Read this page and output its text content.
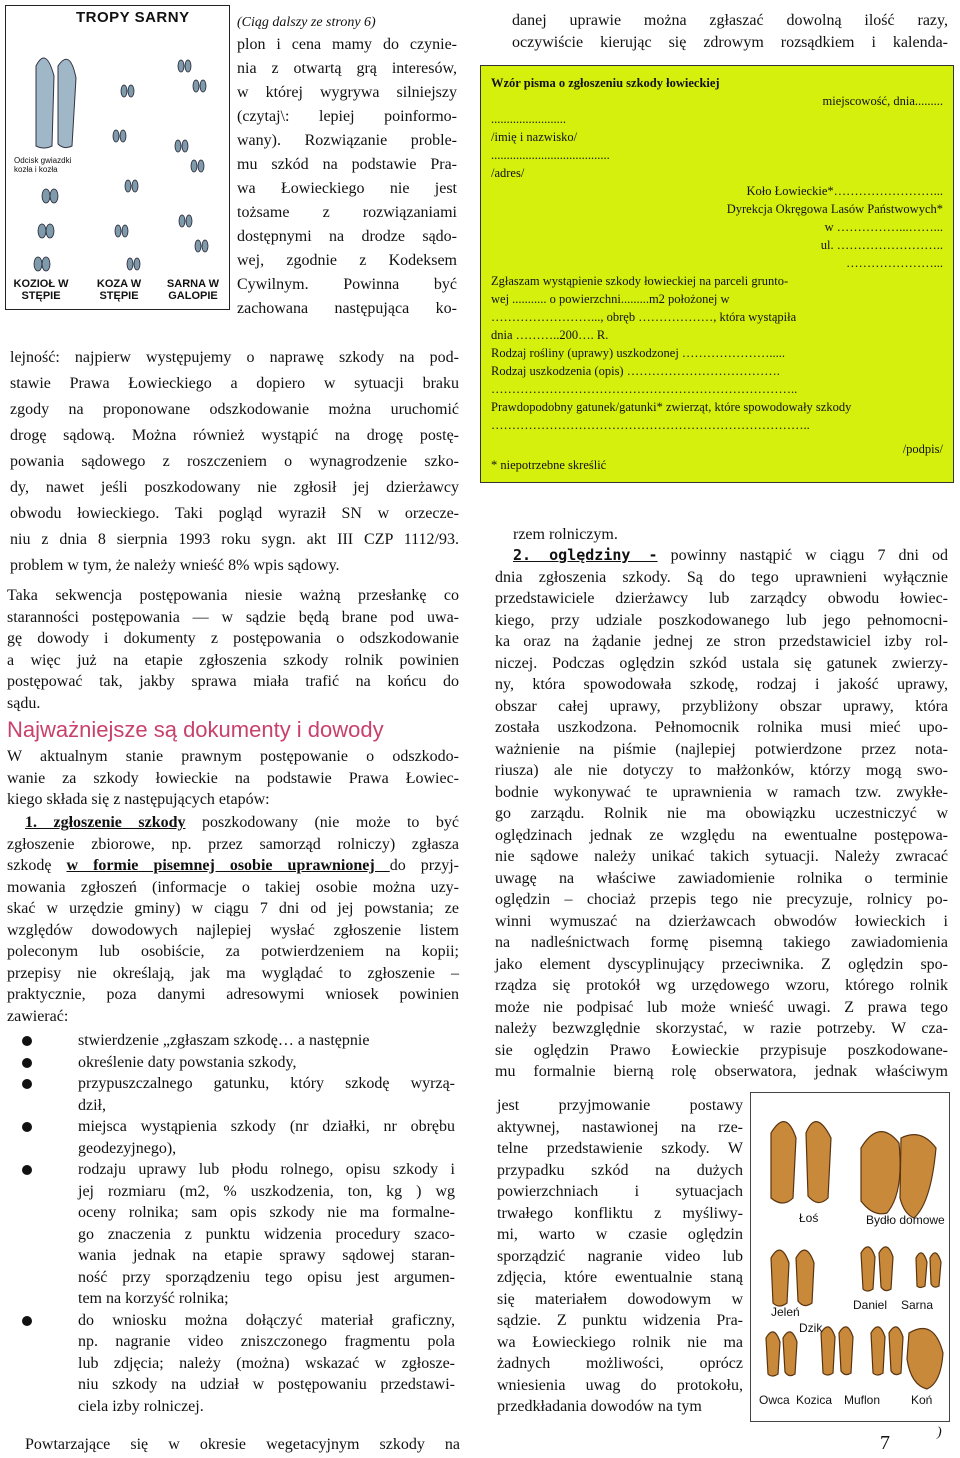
TROPY SARNY
Odcisk gwiazdki
kozła i kozła
KOZIOŁ W STĘPIE
KOZA W STĘPIE
SARNA W GALOPIE
(Ciąg dalszy ze strony 6)
plon i cena mamy do czynie-
nia z otwartą grą interesów,
w której wygrywa silniejszy
(czytaj\: lepiej poinformo-
wany). Rozwiązanie proble-
mu szkód na podstawie Pra-
wa Łowieckiego nie jest
tożsame z rozwiązaniami
dostępnymi na drodze sądo-
wej, zgodnie z Kodeksem
Cywilnym. Powinna być
zachowana następująca ko-
lejność: najpierw występujemy o naprawę szkody na pod-
stawie Prawa Łowieckiego a dopiero w sytuacji braku
zgody na proponowane odszkodowanie można uruchomić
drogę sądową. Można również wystąpić na drogę postę-
powania sądowego z roszczeniem o wynagrodzenie szko-
dy, nawet jeśli poszkodowany nie zgłosił jej dzierżawcy
obwodu łowieckiego. Taki pogląd wyraził SN w orzecze-
niu z dnia 8 sierpnia 1993 roku sygn. akt III CZP 1112/93.
problem w tym, że należy wnieść 8% wpis sądowy.
Taka sekwencja postępowania niesie ważną przesłankę co
staranności postępowania — w sądzie będą brane pod uwa-
gę dowody i dokumenty z postępowania o odszkodowanie
a więc już na etapie zgłoszenia szkody rolnik powinien
postępować tak, jakby sprawa miała trafić na końcu do
sądu.
Najważniejsze są dokumenty i dowody
W aktualnym stanie prawnym postępowanie o odszkodo-
wanie za szkody łowieckie na podstawie Prawa Łowiec-
kiego składa się z następujących etapów:
1. zgłoszenie szkody poszkodowany (nie może to być
zgłoszenie zbiorowe, np. przez samorząd rolniczy) zgłasza
szkodę w formie pisemnej osobie uprawnionej do przyj-
mowania zgłoszeń (informacje o takiej osobie można uzy-
skać w urzędzie gminy) w ciągu 7 dni od jej powstania; ze
względów dowodowych najlepiej wysłać zgłoszenie listem
poleconym lub osobiście, za potwierdzeniem na kopii;
przepisy nie określają, jak ma wyglądać to zgłoszenie –
praktycznie, poza danymi adresowymi wniosek powinien
zawierać:
stwierdzenie „zgłaszam szkodę… a następnie
określenie daty powstania szkody,
przypuszczalnego gatunku, który szkodę wyrzą-
dził,
miejsca wystąpienia szkody (nr działki, nr obrębu
geodezyjnego),
rodzaju uprawy lub płodu rolnego, opisu szkody i
jej rozmiaru (m2, % uszkodzenia, ton, kg ) wg
oceny rolnika; sam opis szkody nie ma formalne-
go znaczenia z punktu widzenia procedury szaco-
wania jednak na etapie sprawy sądowej staran-
ność przy sporządzeniu tego opisu jest argumen-
tem na korzyść rolnika;
do wniosku można dołączyć materiał graficzny,
np. nagranie video zniszczonego fragmentu pola
lub zdjęcia; należy (można) wskazać w zgłosze-
niu szkody na udział w postępowaniu przedstawi-
ciela izby rolniczej.
Powtarzające się w okresie wegetacyjnym szkody na
danej uprawie można zgłaszać dowolną ilość razy,
oczywiście kierując się zdrowym rozsądkiem i kalenda-
Wzór pisma o zgłoszeniu szkody łowieckiej
miejscowość, dnia.........
........................
/imię i nazwisko/
......................................
/adres/
Koło Łowieckie*……………………...
Dyrekcja Okręgowa Lasów Państwowych*
w ……………...……...
ul. ……………………..
…………………...
Zgłaszam wystąpienie szkody łowieckiej na parceli grunto-
wej ........... o powierzchni.........m2 położonej w
……………………..., obręb ………………, która wystąpiła
dnia ………..200…. R.
Rodzaj rośliny (uprawy) uszkodzonej ………………….....
Rodzaj uszkodzenia (opis) ……………………………….
………………………………………………………………..
Prawdopodobny gatunek/gatunki* zwierząt, które spowodowały szkody
…………………………………………………………………..
/podpis/
* niepotrzebne skreślić
rzem rolniczym.
2. oględziny - powinny nastąpić w ciągu 7 dni od
dnia zgłoszenia szkody. Są do tego uprawnieni wyłącznie
przedstawiciele dzierżawcy lub zarządcy obwodu łowiec-
kiego, przy udziale poszkodowanego lub jego pełnomocni-
ka oraz na żądanie jednej ze stron przedstawiciel izby rol-
niczej. Podczas oględzin szkód ustala się gatunek zwierzy-
ny, która spowodowała szkodę, rodzaj i jakość uprawy,
obszar całej uprawy, przybliżony obszar uprawy, która
została uszkodzona. Pełnomocnik rolnika musi mieć upo-
ważnienie na piśmie (najlepiej potwierdzone przez nota-
riusza) ale nie dotyczy to małżonków, którzy mogą swo-
bodnie wykonywać te uprawnienia w ramach tzw. zwykłe-
go zarządu. Rolnik nie ma obowiązku uczestniczyć w
oględzinach jednak ze względu na ewentualne postępowa-
nie sądowe należy unikać takich sytuacji. Należy zwracać
uwagę na właściwe zawiadomienie rolnika o terminie
oględzin – chociaż przepis tego nie precyzuje, rolnicy po-
winni wymuszać na dzierżawcach obwodów łowieckich i
na nadleśnictwach formę pisemną takiego zawiadomienia
jako element dyscyplinujący przeciwnika. Z oględzin spo-
rządza się protokół wg urzędowego wzoru, którego rolnik
może nie podpisać lub może wnieść uwagi. Z prawa tego
należy bezwzględnie skorzystać, w razie potrzeby. W cza-
sie oględzin Prawo Łowieckie przypisuje poszkodowane-
mu formalnie bierną rolę obserwatora, jednak właściwym
jest przyjmowanie postawy
aktywnej, nastawionej na rze-
telne przedstawienie szkody. W
przypadku szkód na dużych
powierzchniach i sytuacjach
trwałego konfliktu z myśliwy-
mi, warto w czasie oględzin
sporządzić nagranie video lub
zdjęcia, które ewentualnie staną
się materiałem dowodowym w
sądzie. Z punktu widzenia Pra-
wa Łowieckiego rolnik nie ma
żadnych możliwości, oprócz
wniesienia uwag do protokołu,
przedkładania dowodów na tym
Łoś	Bydło domowe
Jeleń	Daniel Sarna
Dzik
Owca Kozica Muflon	Koń
7	)
